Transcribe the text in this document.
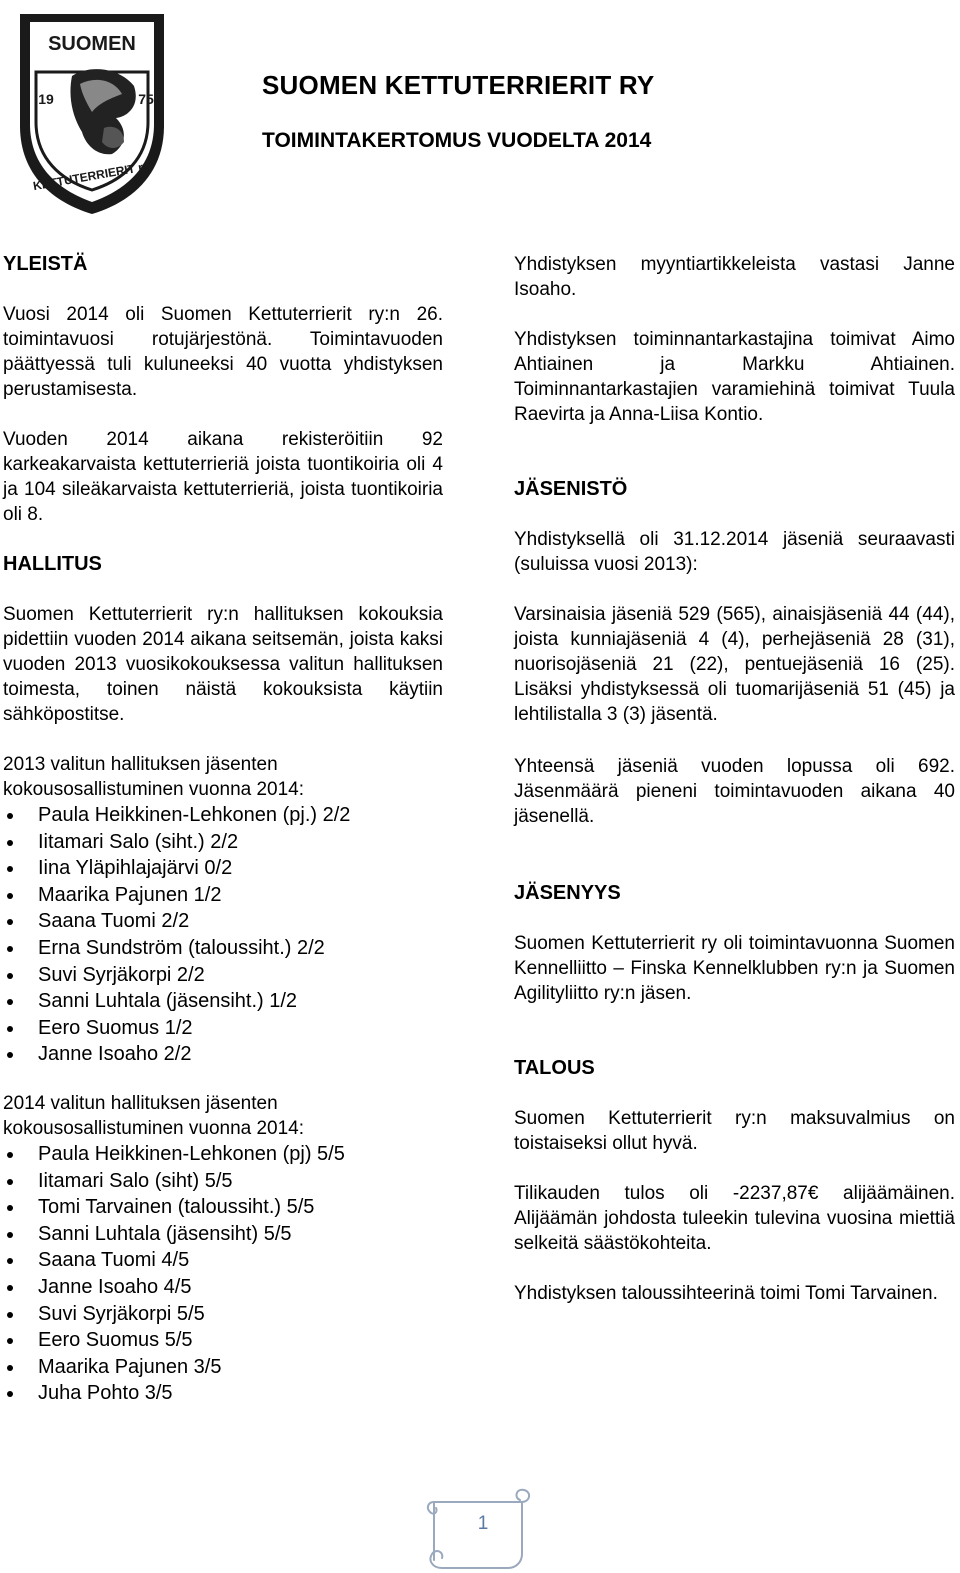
SUOMEN
19	75
KETTUTERRIERIT ry
SUOMEN KETTUTERRIERIT RY
TOIMINTAKERTOMUS VUODELTA 2014
YLEISTÄ

Vuosi 2014 oli Suomen Kettuterrierit ry:n 26. toimintavuosi rotujärjestönä. Toimintavuoden päättyessä tuli kuluneeksi 40 vuotta yhdistyksen perustamisesta.

Vuoden 2014 aikana rekisteröitiin 92 karkeakarvaista kettuterrieriä joista tuontikoiria oli 4 ja 104 sileäkarvaista kettuterrieriä, joista tuontikoiria oli 8.

HALLITUS

Suomen Kettuterrierit ry:n hallituksen kokouksia pidettiin vuoden 2014 aikana seitsemän, joista kaksi vuoden 2013 vuosikokouksessa valitun hallituksen toimesta, toinen näistä kokouksista käytiin sähköpostitse.

2013 valitun hallituksen jäsenten kokousosallistuminen vuonna 2014:

Paula Heikkinen-Lehkonen (pj.) 2/2
Iitamari Salo (siht.) 2/2
Iina Yläpihlajajärvi 0/2
Maarika Pajunen 1/2
Saana Tuomi 2/2
Erna Sundström (taloussiht.) 2/2
Suvi Syrjäkorpi 2/2
Sanni Luhtala (jäsensiht.) 1/2
Eero Suomus 1/2
Janne Isoaho 2/2

2014 valitun hallituksen jäsenten kokousosallistuminen vuonna 2014:

Paula Heikkinen-Lehkonen (pj) 5/5
Iitamari Salo (siht) 5/5
Tomi Tarvainen (taloussiht.) 5/5
Sanni Luhtala (jäsensiht) 5/5
Saana Tuomi 4/5
Janne Isoaho 4/5
Suvi Syrjäkorpi 5/5
Eero Suomus 5/5
Maarika Pajunen 3/5
Juha Pohto 3/5

Yhdistyksen myyntiartikkeleista vastasi Janne Isoaho.

Yhdistyksen toiminnantarkastajina toimivat Aimo Ahtiainen ja Markku Ahtiainen. Toiminnantarkastajien varamiehinä toimivat Tuula Raevirta ja Anna-Liisa Kontio.

JÄSENISTÖ

Yhdistyksellä oli 31.12.2014 jäseniä seuraavasti (suluissa vuosi 2013):

Varsinaisia jäseniä 529 (565), ainaisjäseniä 44 (44), joista kunniajäseniä 4 (4), perhejäseniä 28 (31), nuorisojäseniä 21 (22), pentuejäseniä 16 (25). Lisäksi yhdistyksessä oli tuomarijäseniä 51 (45) ja lehtilistalla 3 (3) jäsentä.

Yhteensä jäseniä vuoden lopussa oli 692. Jäsenmäärä pieneni toimintavuoden aikana 40 jäsenellä.

JÄSENYYS

Suomen Kettuterrierit ry oli toimintavuonna Suomen Kennelliitto – Finska Kennelklubben ry:n ja Suomen Agilityliitto ry:n jäsen.

TALOUS

Suomen Kettuterrierit ry:n maksuvalmius on toistaiseksi ollut hyvä.

Tilikauden tulos oli -2237,87€ alijäämäinen. Alijäämän johdosta tuleekin tulevina vuosina miettiä selkeitä säästökohteita.

Yhdistyksen taloussihteerinä toimi Tomi Tarvainen.

1
